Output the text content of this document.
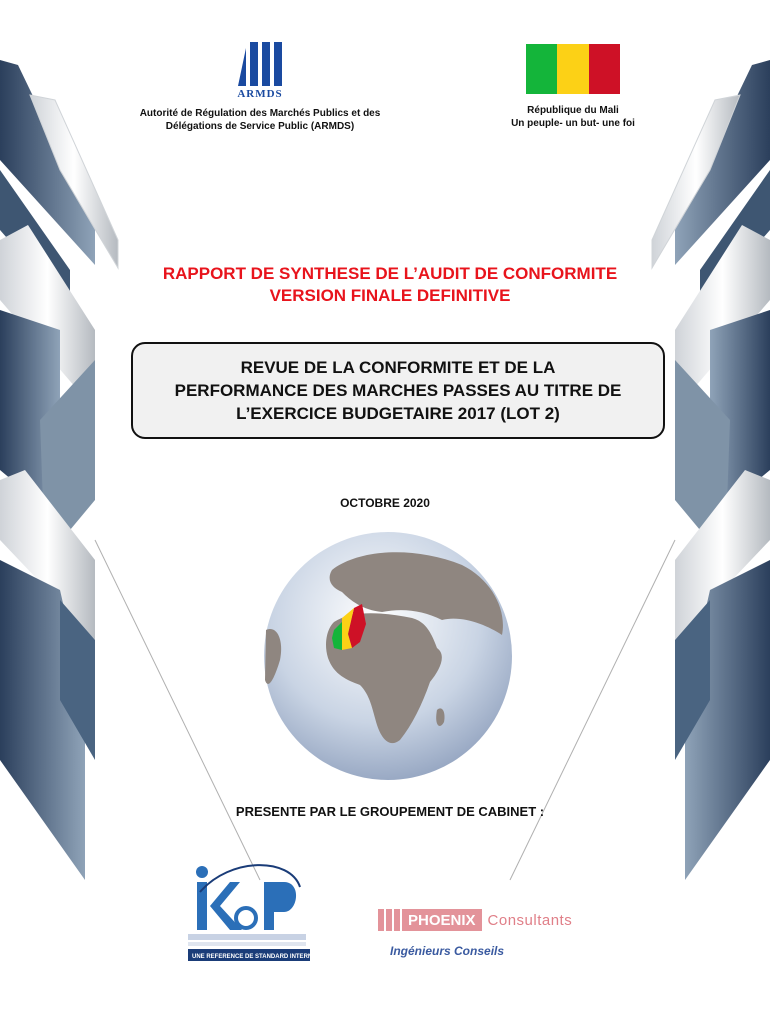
ARMDS
Autorité de Régulation des Marchés Publics et des
Délégations de Service Public (ARMDS)
République du Mali
Un peuple- un but- une foi
RAPPORT DE SYNTHESE DE L’AUDIT DE CONFORMITE
VERSION FINALE DEFINITIVE
REVUE DE LA CONFORMITE ET DE LA
PERFORMANCE DES MARCHES PASSES AU TITRE DE
L’EXERCICE BUDGETAIRE 2017 (LOT 2)
OCTOBRE 2020
PRESENTE PAR LE GROUPEMENT DE CABINET :
UNE REFERENCE DE STANDARD INTERNATIONAL
PHOENIX Consultants
Ingénieurs Conseils
